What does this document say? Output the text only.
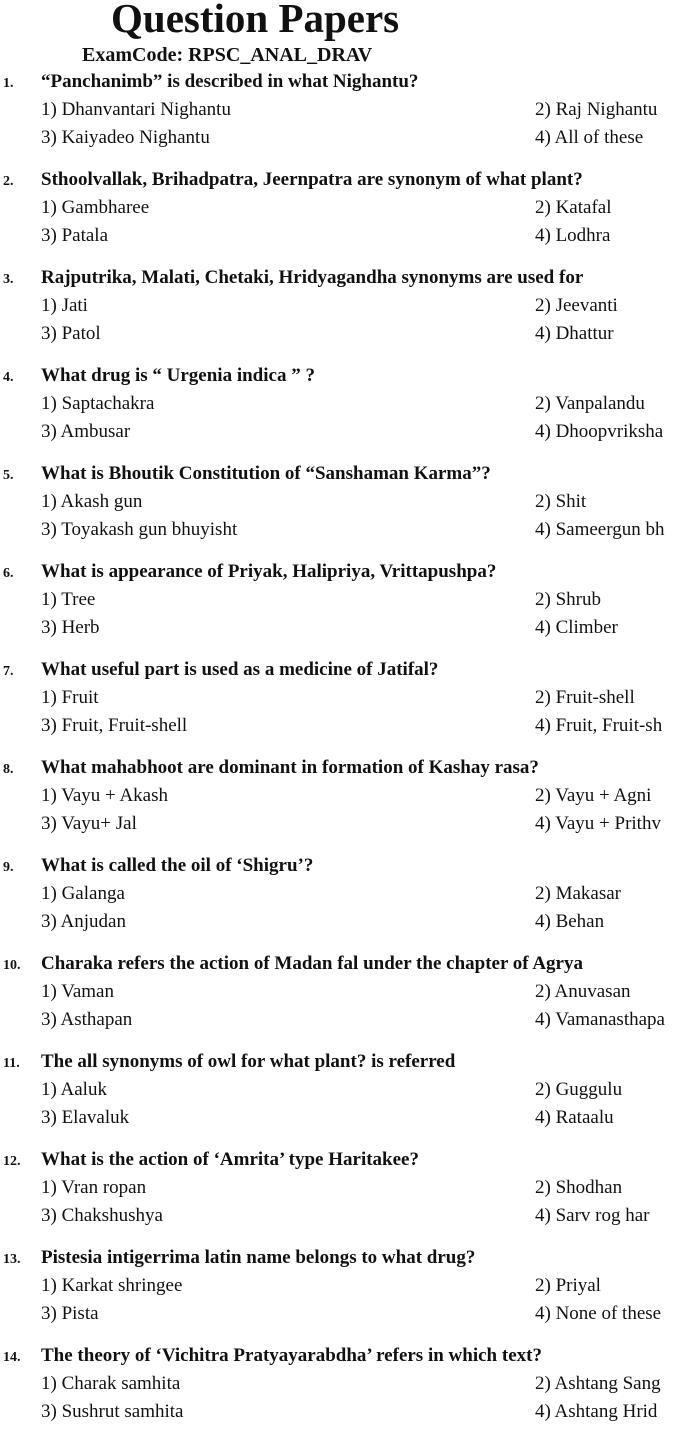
Question Papers
ExamCode: RPSC_ANAL_DRAV
1. “Panchanimb” is described in what Nighantu?
1) Dhanvantari Nighantu	2) Raj Nighantu
3) Kaiyadeo Nighantu	4) All of these
2. Sthoolvallak, Brihadpatra, Jeernpatra are synonym of what plant?
1) Gambharee	2) Katafal
3) Patala	4) Lodhra
3. Rajputrika, Malati, Chetaki, Hridyagandha synonyms are used for
1) Jati	2) Jeevanti
3) Patol	4) Dhattur
4. What drug is “ Urgenia indica ” ?
1) Saptachakra	2) Vanpalandu
3) Ambusar	4) Dhoopvriksha
5. What is Bhoutik Constitution of “Sanshaman Karma”?
1) Akash gun	2) Shit
3) Toyakash gun bhuyisht	4) Sameergun bh
6. What is appearance of Priyak, Halipriya, Vrittapushpa?
1) Tree	2) Shrub
3) Herb	4) Climber
7. What useful part is used as a medicine of Jatifal?
1) Fruit	2) Fruit-shell
3) Fruit, Fruit-shell	4) Fruit, Fruit-sh
8. What mahabhoot are dominant in formation of Kashay rasa?
1) Vayu + Akash	2) Vayu + Agni
3) Vayu+ Jal	4) Vayu + Prithv
9. What is called the oil of ‘Shigru’?
1) Galanga	2) Makasar
3) Anjudan	4) Behan
10. Charaka refers the action of Madan fal under the chapter of Agrya
1) Vaman	2) Anuvasan
3) Asthapan	4) Vamanasthapa
11. The all synonyms of owl for what plant? is referred
1) Aaluk	2) Guggulu
3) Elavaluk	4) Rataalu
12. What is the action of ‘Amrita’ type Haritakee?
1) Vran ropan	2) Shodhan
3) Chakshushya	4) Sarv rog har
13. Pistesia intigerrima latin name belongs to what drug?
1) Karkat shringee	2) Priyal
3) Pista	4) None of these
14. The theory of ‘Vichitra Pratyayarabdha’ refers in which text?
1) Charak samhita	2) Ashtang Sang
3) Sushrut samhita	4) Ashtang Hrid
